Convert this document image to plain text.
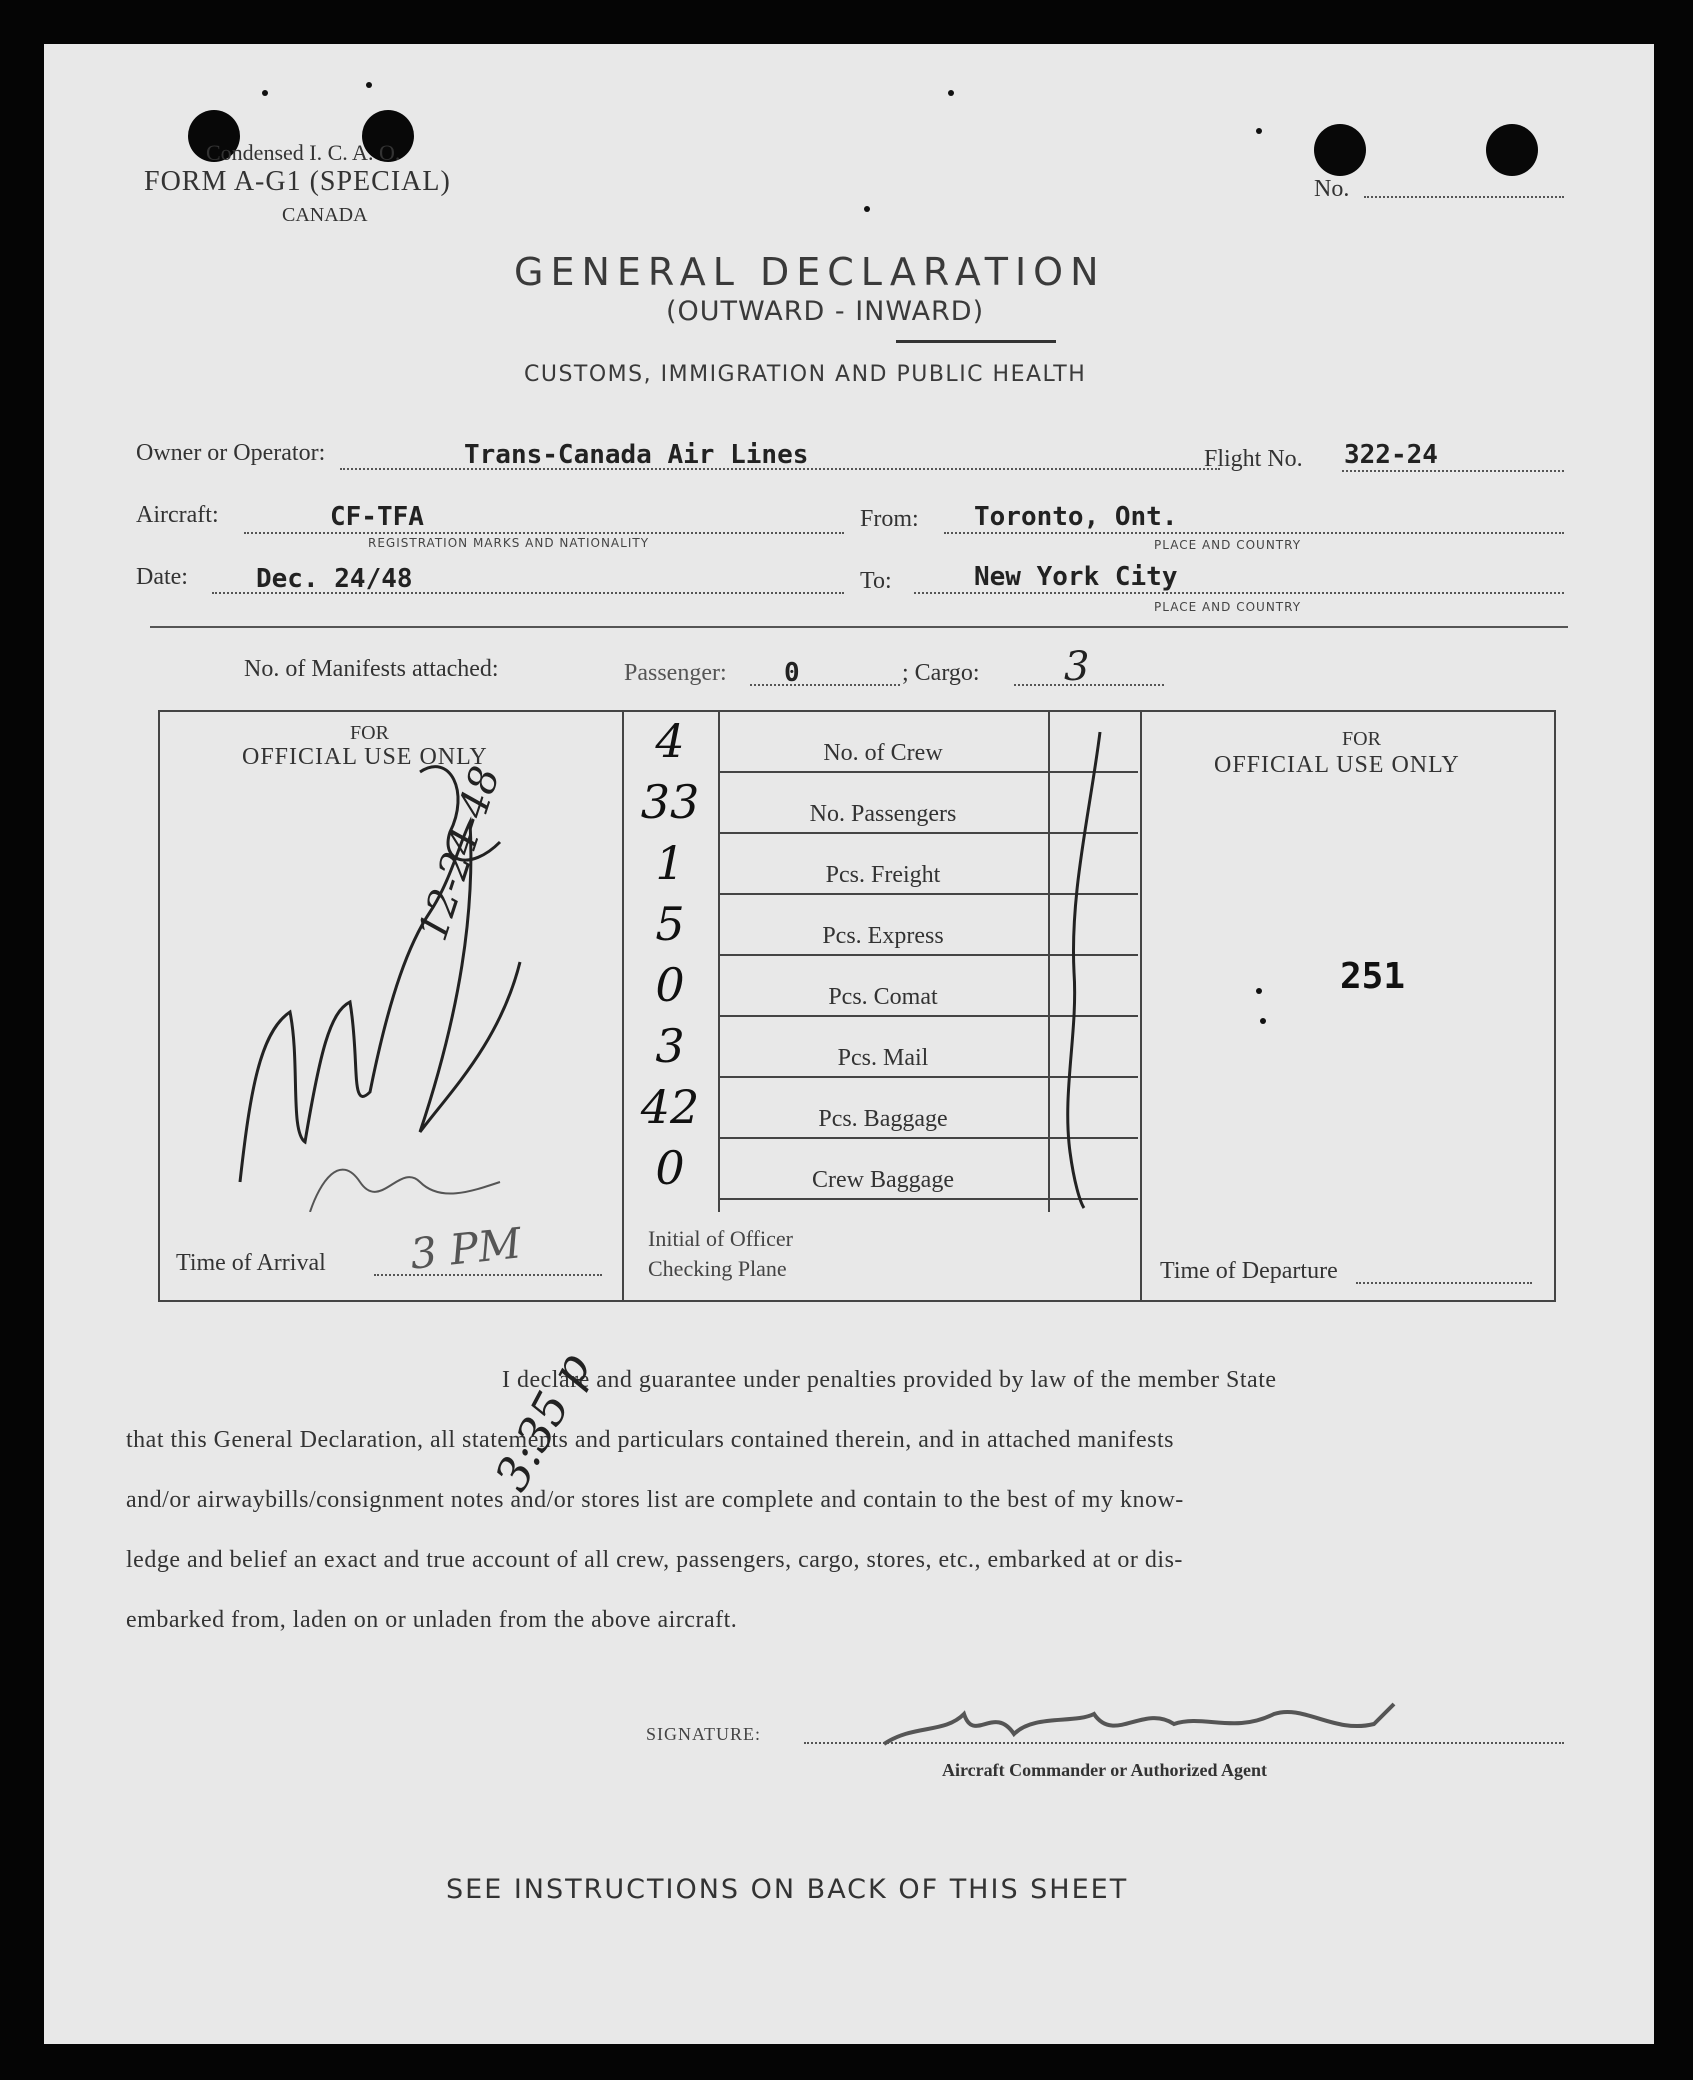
Condensed I. C. A. O.
FORM A-G1 (SPECIAL)
CANADA
No.
GENERAL DECLARATION
(OUTWARD - INWARD)
CUSTOMS, IMMIGRATION AND PUBLIC HEALTH
Owner or Operator:	Trans-Canada Air Lines	Flight No. 322-24
Aircraft:	CF-TFA
REGISTRATION MARKS AND NATIONALITY
From: Toronto, Ont.
PLACE AND COUNTRY
Date:	Dec. 24/48	To:	New York City
PLACE AND COUNTRY
No. of Manifests attached:	Passenger: 0	; Cargo: 3
FOR
OFFICIAL USE ONLY
12-24-48
Time of Arrival 3 PM
4	No. of Crew
33	No. Passengers
1	Pcs. Freight
5	Pcs. Express
0	Pcs. Comat
3	Pcs. Mail
42	Pcs. Baggage
0	Crew Baggage
Initial of Officer
Checking Plane
FOR
OFFICIAL USE ONLY
251
Time of Departure
I declare and guarantee under penalties provided by law of the member State
that this General Declaration, all statements and particulars contained therein, and in attached manifests
and/or airwaybills/consignment notes and/or stores list are complete and contain to the best of my know-
ledge and belief an exact and true account of all crew, passengers, cargo, stores, etc., embarked at or dis-
embarked from, laden on or unladen from the above aircraft.
3:35 p
SIGNATURE:
Aircraft Commander or Authorized Agent
SEE INSTRUCTIONS ON BACK OF THIS SHEET
